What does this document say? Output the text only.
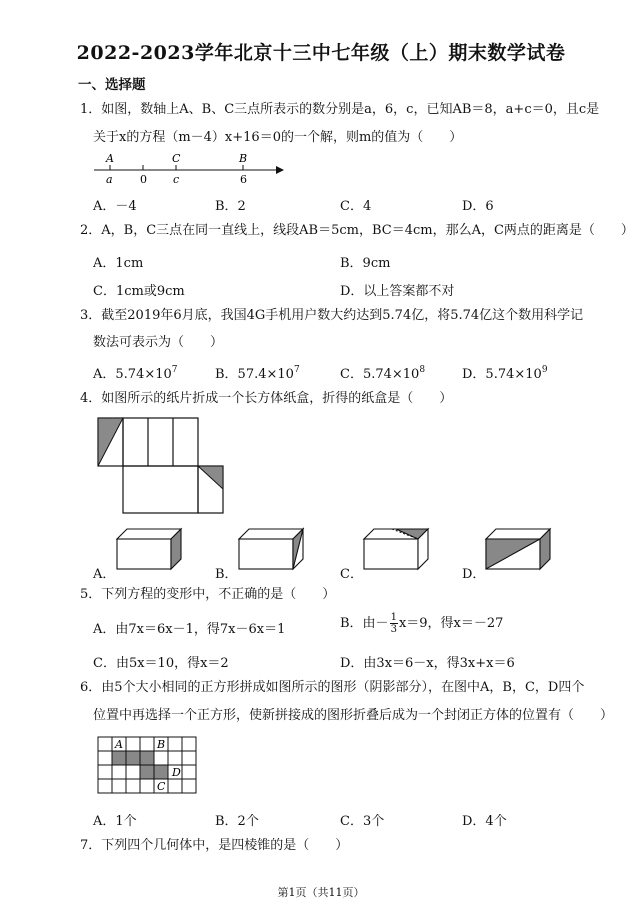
2022-2023学年北京十三中七年级（上）期末数学试卷
一、选择题
1．如图，数轴上A、B、C三点所表示的数分别是a，6，c，已知AB＝8，a+c＝0，且c是
关于x的方程（m－4）x+16＝0的一个解，则m的值为（　　）
A	C	B
a 0 c	6
A．－4	B．2	C．4	D．6
2．A，B，C三点在同一直线上，线段AB＝5cm，BC＝4cm，那么A，C两点的距离是（　　）
A．1cm	B．9cm
C．1cm或9cm	D．以上答案都不对
3．截至2019年6月底，我国4G手机用户数大约达到5.74亿，将5.74亿这个数用科学记
数法可表示为（　　）
A．$5.74\times 10^7$	B．$57.4\times 10^7$	C．$5.74\times 10^8$	D．$5.74\times 10^9$
4．如图所示的纸片折成一个长方体纸盒，折得的纸盒是（　　）
A．	B．	C．	D．
5．下列方程的变形中，不正确的是（　　）
A．由7x＝6x－1，得7x－6x＝1	B．由－ $\frac{1}{3} x=9$，得x＝－27
C．由5x＝10，得x＝2	D．由3x＝6－x，得3x+x＝6
6．由5个大小相同的正方形拼成如图所示的图形（阴影部分），在图中A，B，C，D四个
位置中再选择一个正方形，使新拼接成的图形折叠后成为一个封闭正方体的位置有（　　）
A	B
D
C
A．1个	B．2个	C．3个	D．4个
7．下列四个几何体中，是四棱锥的是（　　）
第1页（共11页）
